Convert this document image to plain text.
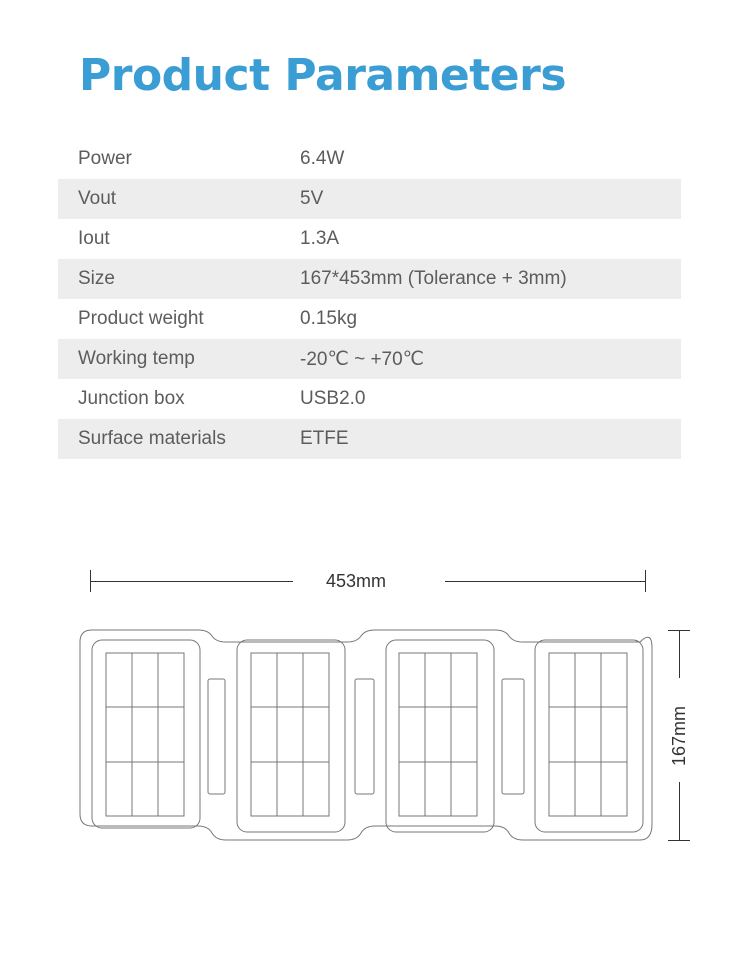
Product Parameters
Power	6.4W
Vout	5V
Iout	1.3A
Size	167*453mm (Tolerance + 3mm)
Product weight	0.15kg
Working temp	-20℃ ~ +70℃
Junction box	USB2.0
Surface materials	ETFE
453mm
167mm
